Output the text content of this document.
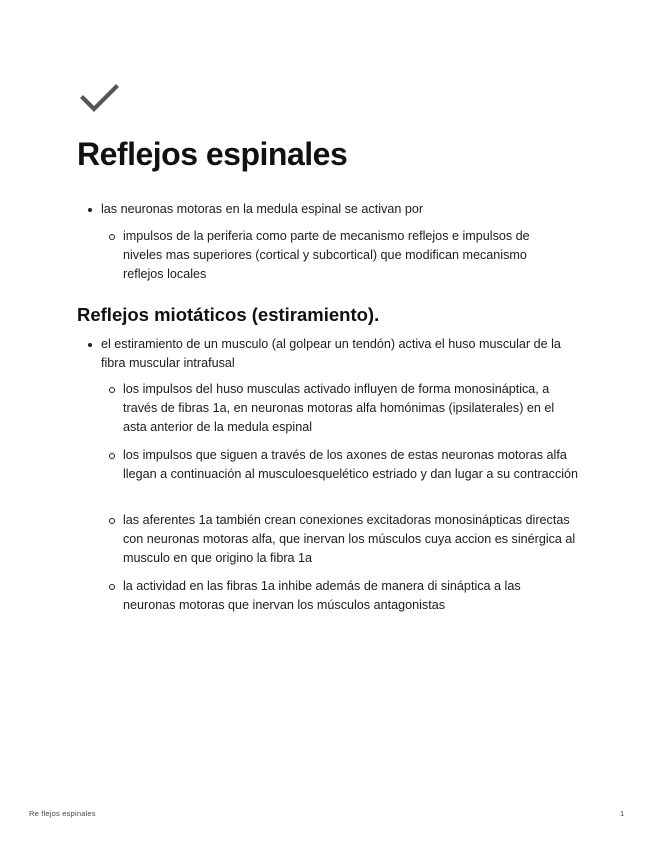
Reflejos espinales
las neuronas motoras en la medula espinal se activan por
impulsos de la periferia como parte de mecanismo reflejos e impulsos de niveles mas superiores (cortical y subcortical) que modifican mecanismo reflejos locales
Reflejos miotáticos (estiramiento).
el estiramiento de un musculo (al golpear un tendón) activa el huso muscular de la fibra muscular intrafusal
los impulsos del huso musculas activado influyen de forma monosináptica, a través de fibras 1a, en neuronas motoras alfa homónimas (ipsilaterales) en el asta anterior de la medula espinal
los impulsos que siguen a través de los axones de estas neuronas motoras alfa llegan a continuación al musculoesquelético estriado y dan lugar a su contracción
las aferentes 1a también crean conexiones excitadoras monosinápticas directas con neuronas motoras alfa, que inervan los músculos cuya accion es sinérgica al musculo en que origino la fibra 1a
la actividad en las fibras 1a inhibe además de manera di sináptica a las neuronas motoras que inervan los músculos antagonistas
Re flejos espinales	1
